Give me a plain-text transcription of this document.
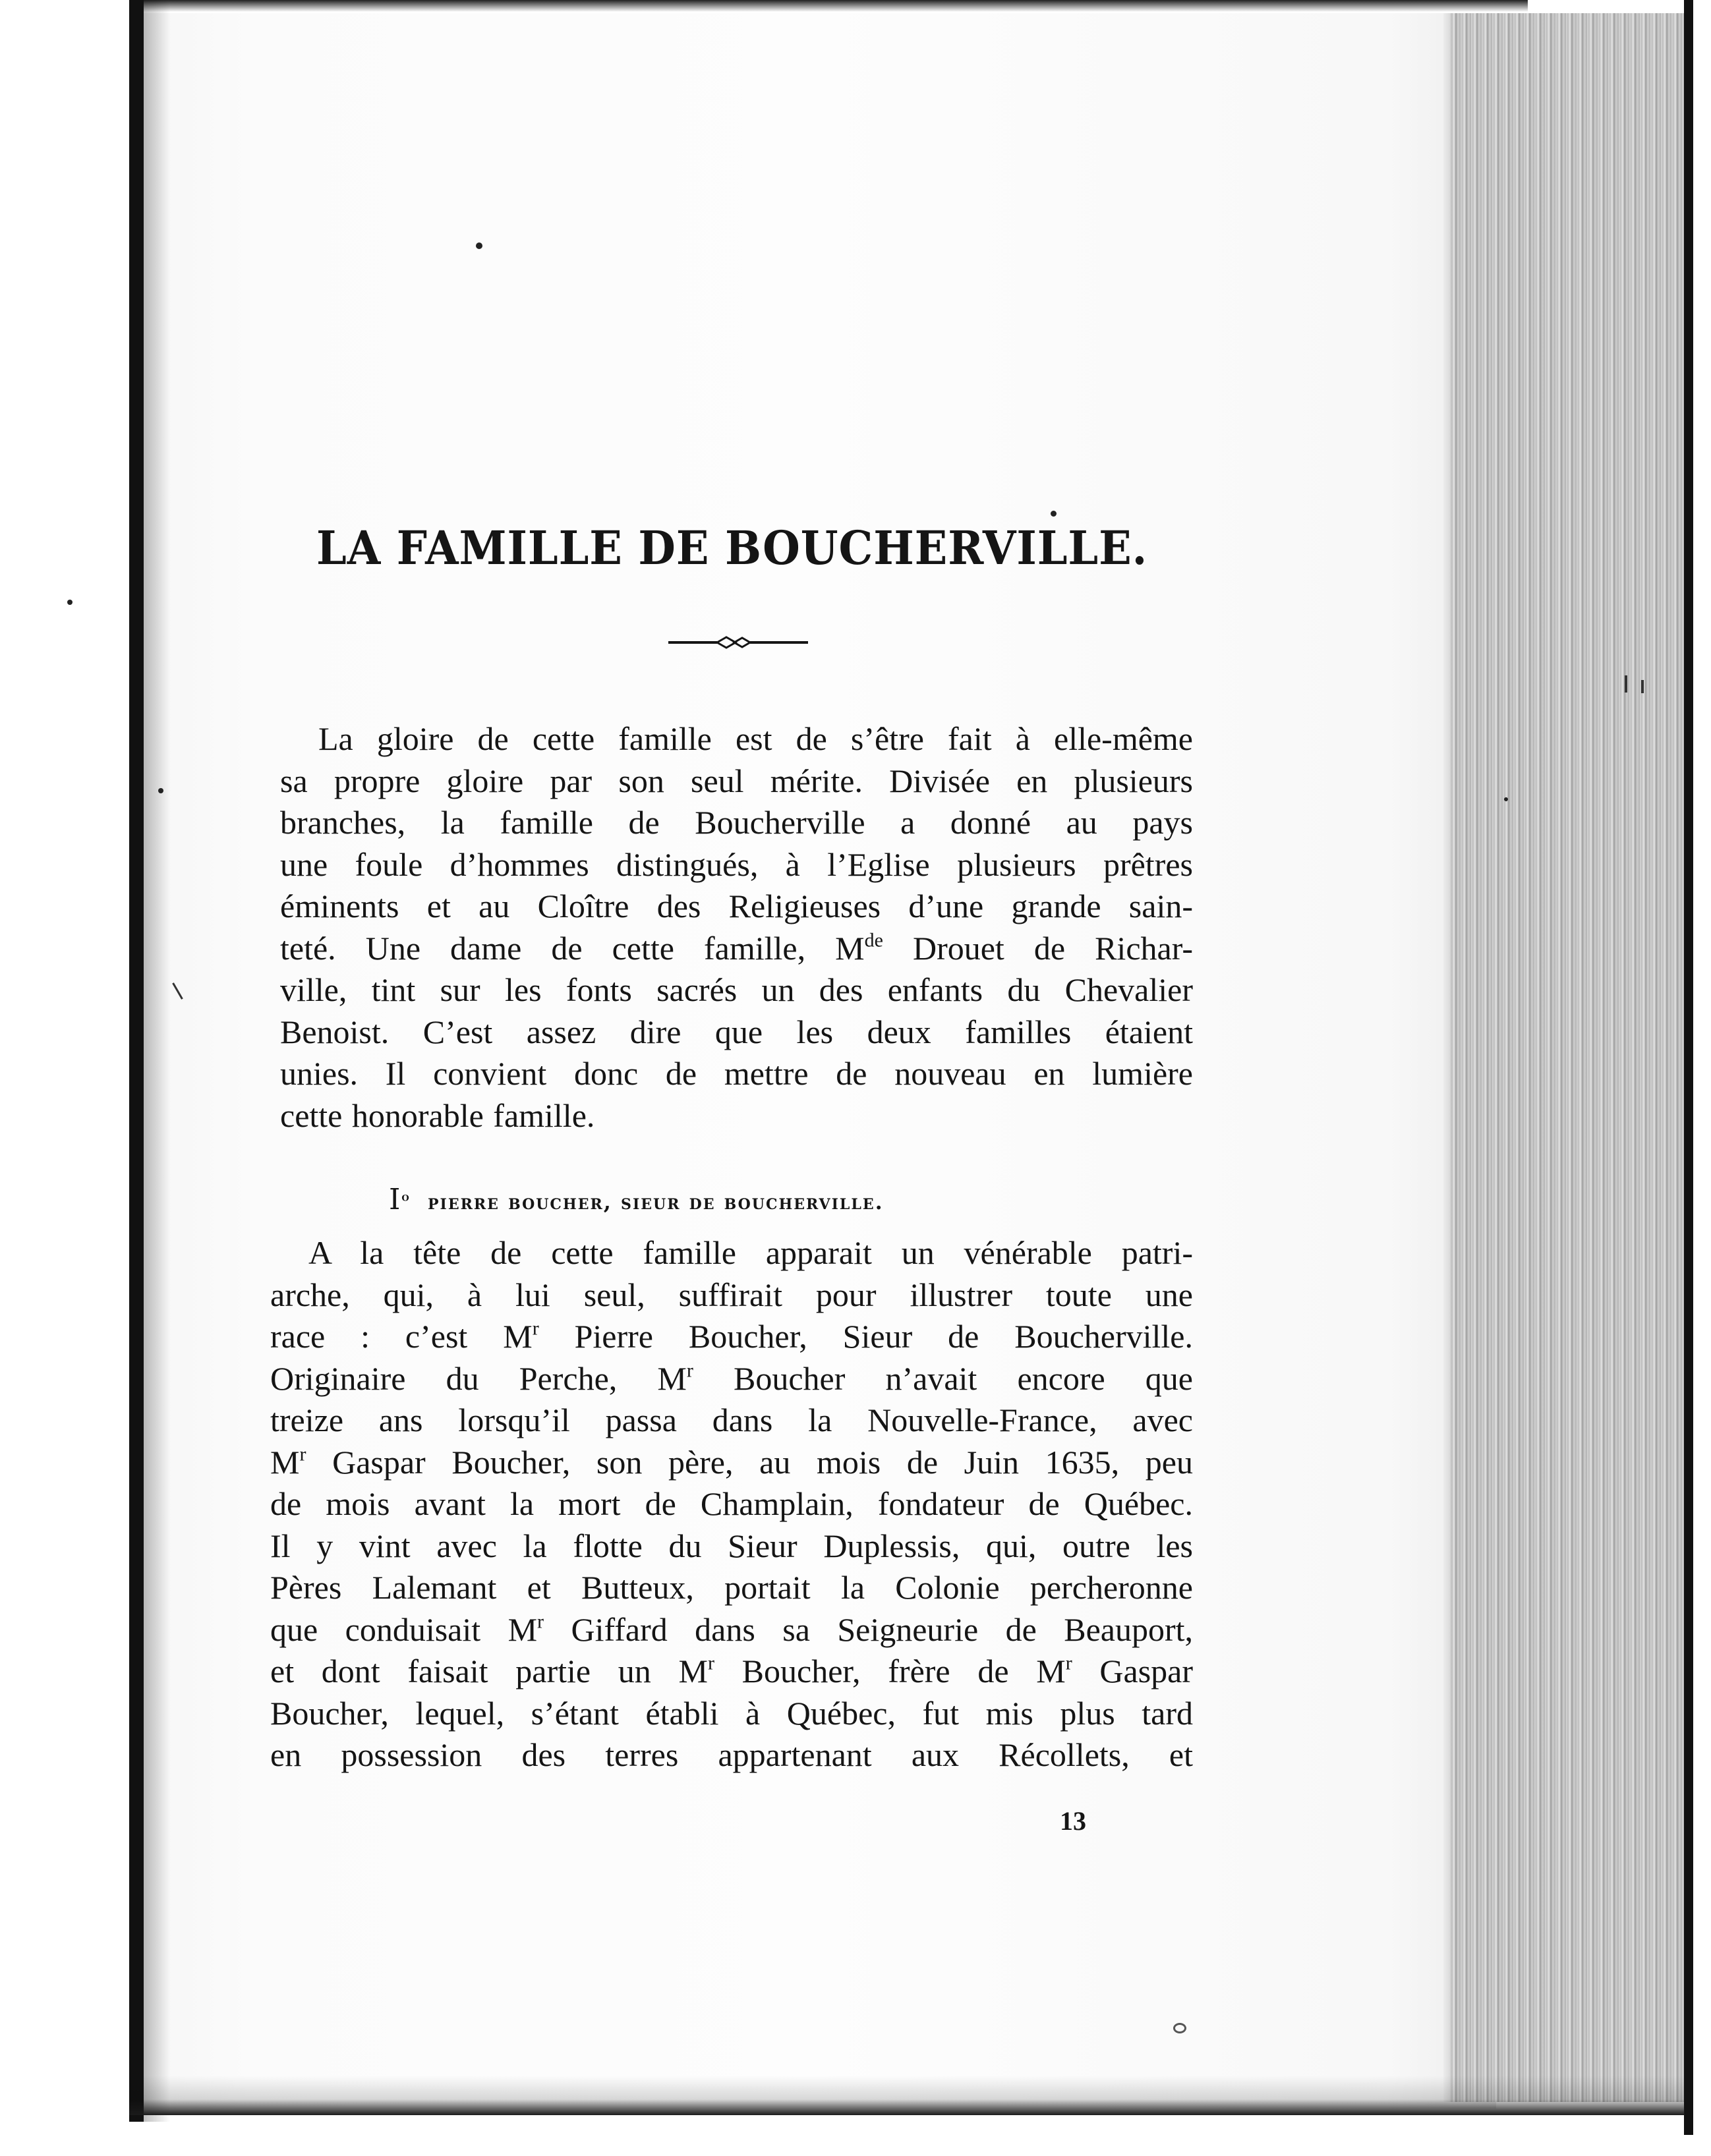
LA FAMILLE DE BOUCHERVILLE.
La gloire de cette famille est de s’être fait à elle-même
sa propre gloire par son seul mérite. Divisée en plusieurs
branches, la famille de Boucherville a donné au pays
une foule d’hommes distingués, à l’Eglise plusieurs prêtres
éminents et au Cloître des Religieuses d’une grande sain-
teté. Une dame de cette famille, Mde Drouet de Richar-
ville, tint sur les fonts sacrés un des enfants du Chevalier
Benoist. C’est assez dire que les deux familles étaient
unies. Il convient donc de mettre de nouveau en lumière
cette honorable famille.
$I^o$ pierre boucher, sieur de boucherville.
A la tête de cette famille apparait un vénérable patri-
arche, qui, à lui seul, suffirait pour illustrer toute une
race : c’est $M^r$ Pierre Boucher, Sieur de Boucherville.
Originaire du Perche, $M^r$ Boucher n’avait encore que
treize ans lorsqu’il passa dans la Nouvelle-France, avec
$M^r$ Gaspar Boucher, son père, au mois de Juin 1635, peu
de mois avant la mort de Champlain, fondateur de Québec.
Il y vint avec la flotte du Sieur Duplessis, qui, outre les
Pères Lalemant et Butteux, portait la Colonie percheronne
que conduisait $M^r$ Giffard dans sa Seigneurie de Beauport,
et dont faisait partie un $M^r$ Boucher, frère de $M^r$ Gaspar
Boucher, lequel, s’étant établi à Québec, fut mis plus tard
en possession des terres appartenant aux Récollets, et
13
